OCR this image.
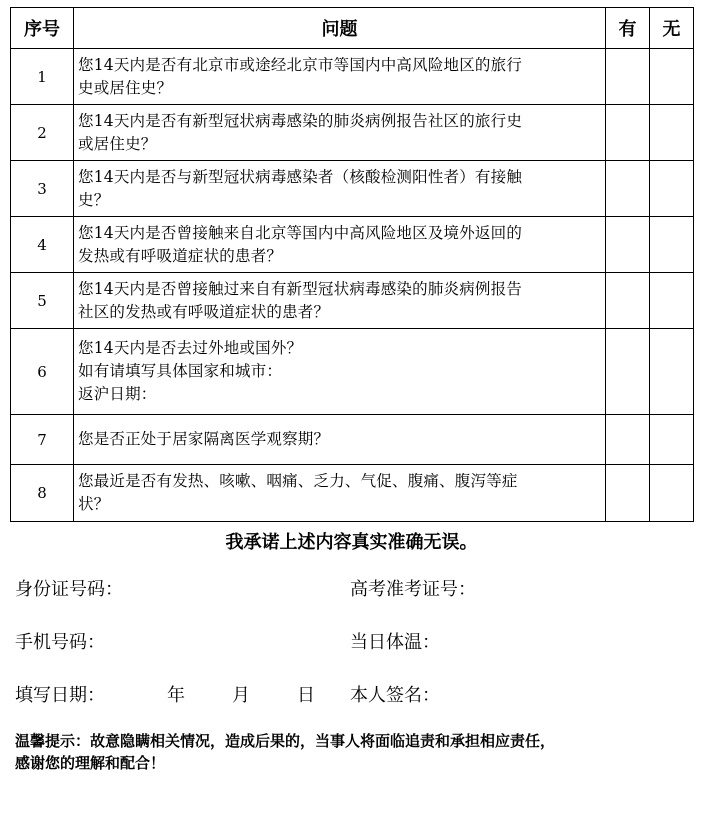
序号	问题	有	无
1	您14天内是否有北京市或途经北京市等国内中高风险地区的旅行
史或居住史？		

2	您14天内是否有新型冠状病毒感染的肺炎病例报告社区的旅行史
或居住史？		

3	您14天内是否与新型冠状病毒感染者（核酸检测阳性者）有接触
史？		

4	您14天内是否曾接触来自北京等国内中高风险地区及境外返回的
发热或有呼吸道症状的患者？		

5	您14天内是否曾接触过来自有新型冠状病毒感染的肺炎病例报告
社区的发热或有呼吸道症状的患者？		

6	您14天内是否去过外地或国外？
如有请填写具体国家和城市：
返沪日期：		

7	您是否正处于居家隔离医学观察期？		

8	您最近是否有发热、咳嗽、咽痛、乏力、气促、腹痛、腹泻等症
状？		

我承诺上述内容真实准确无误。
身份证号码：	高考准考证号：
手机号码：	当日体温：
填写日期：	年	月	日 本人签名：
温馨提示：故意隐瞒相关情况，造成后果的，当事人将面临追责和承担相应责任，
感谢您的理解和配合！
